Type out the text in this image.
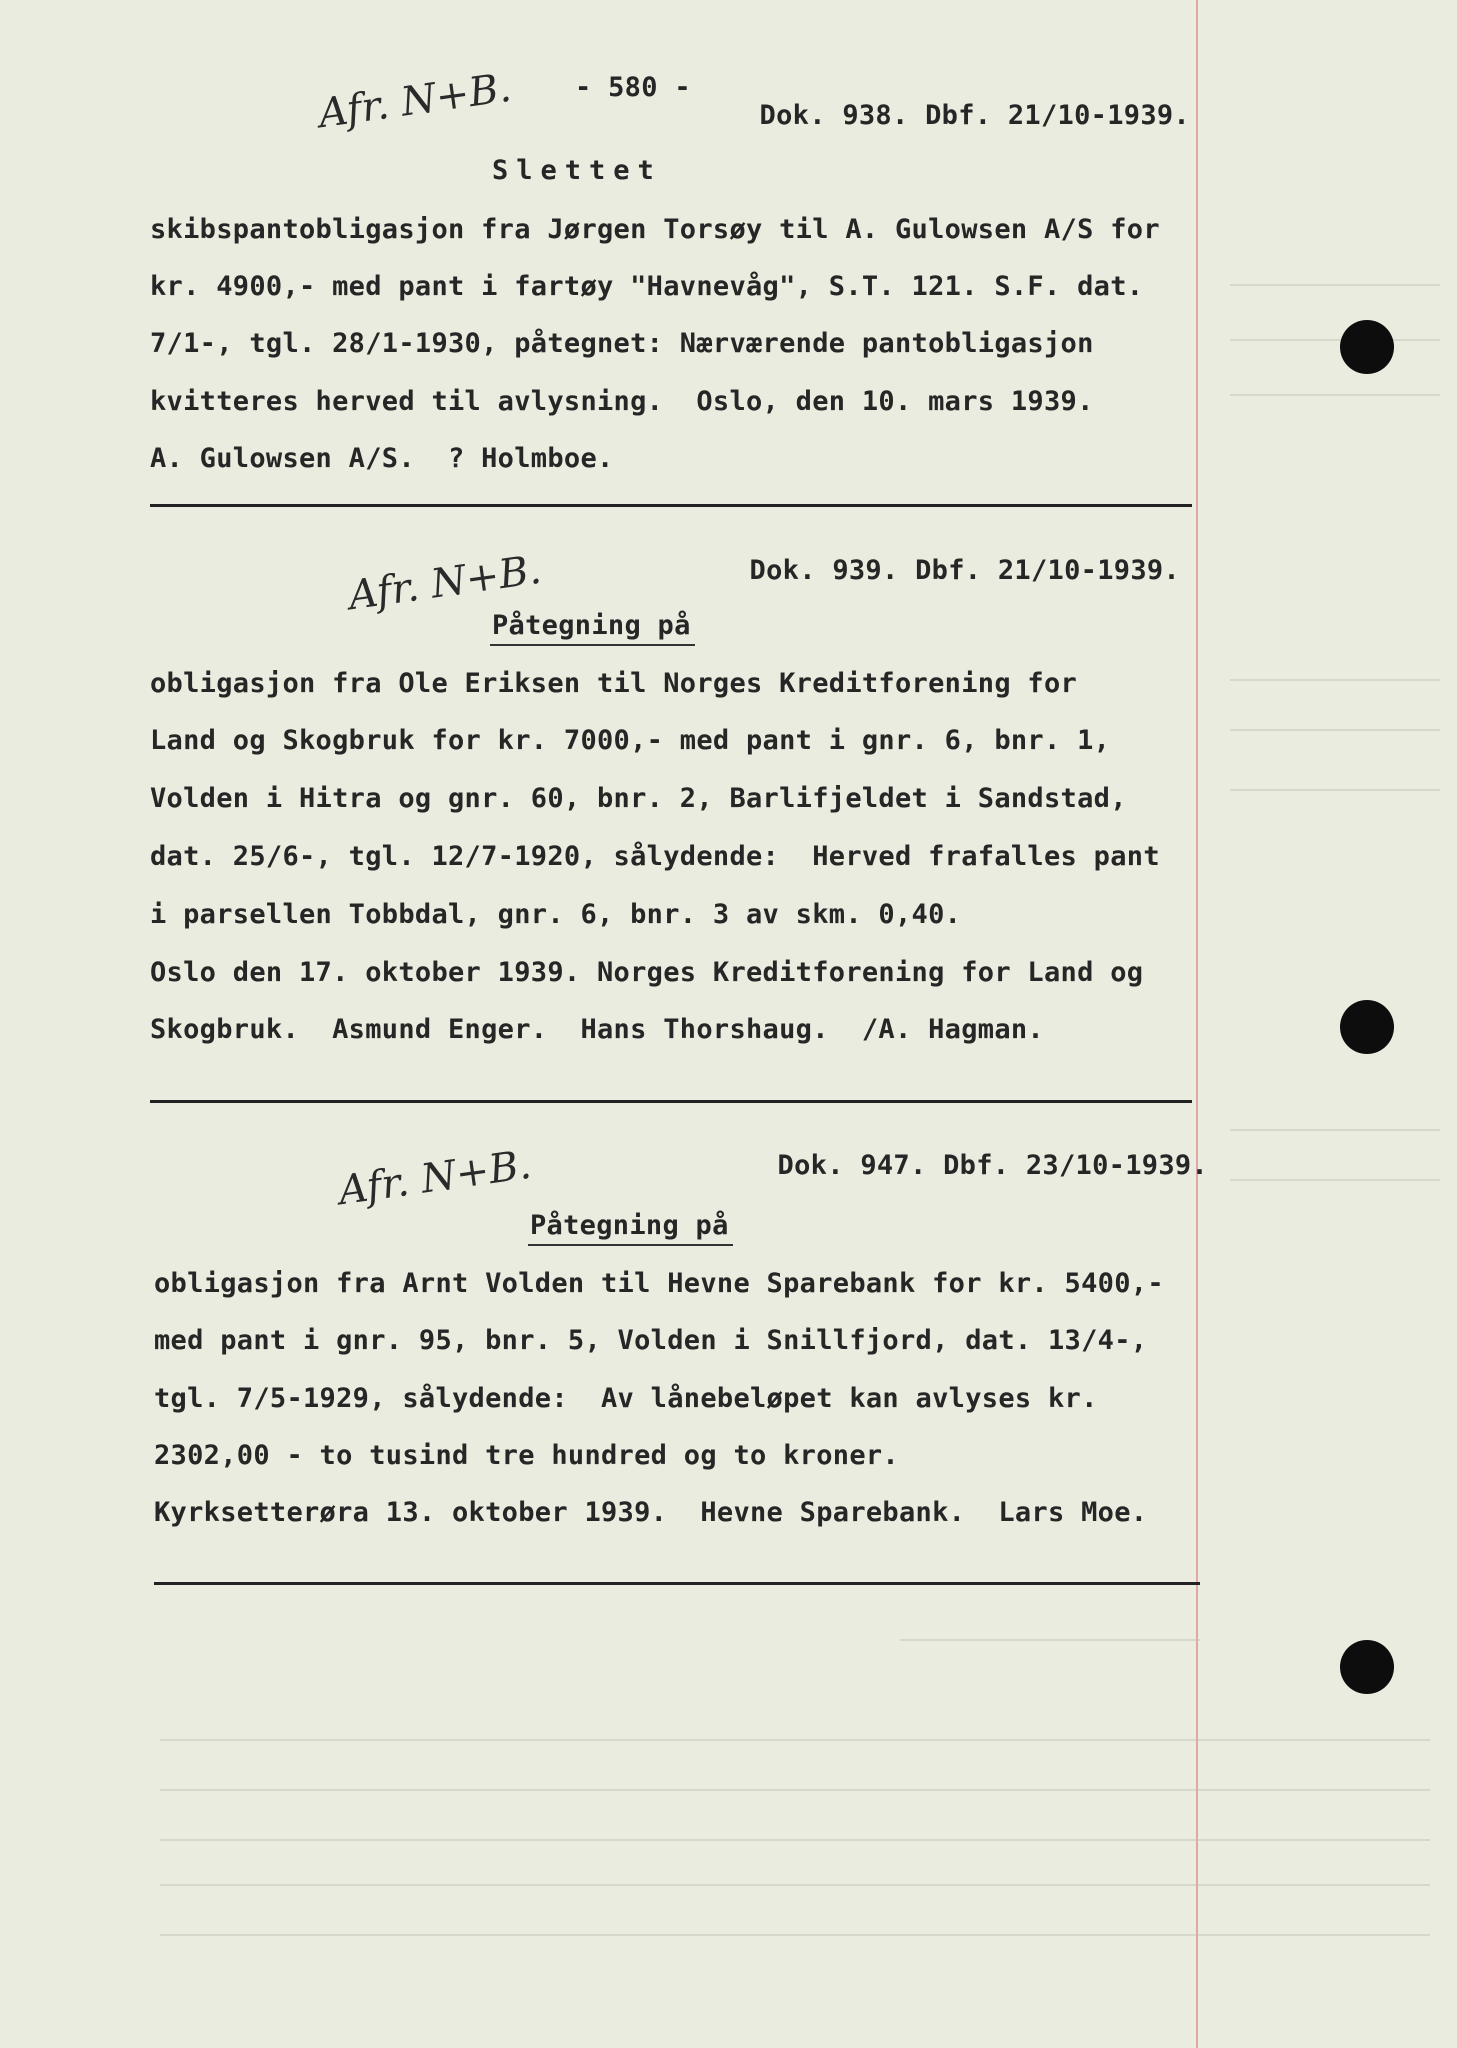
- 580 -
Afr. N+B.	Dok. 938. Dbf. 21/10-1939.
Slettet
skibspantobligasjon fra Jørgen Torsøy til A. Gulowsen A/S for
kr. 4900,- med pant i fartøy "Havnevåg", S.T. 121. S.F. dat.
7/1-, tgl. 28/1-1930, påtegnet: Nærværende pantobligasjon
kvitteres herved til avlysning.  Oslo, den 10. mars 1939.
A. Gulowsen A/S.  ? Holmboe.
Afr. N+B.	Dok. 939. Dbf. 21/10-1939.
Påtegning på
obligasjon fra Ole Eriksen til Norges Kreditforening for
Land og Skogbruk for kr. 7000,- med pant i gnr. 6, bnr. 1,
Volden i Hitra og gnr. 60, bnr. 2, Barlifjeldet i Sandstad,
dat. 25/6-, tgl. 12/7-1920, sålydende:  Herved frafalles pant
i parsellen Tobbdal, gnr. 6, bnr. 3 av skm. 0,40.
Oslo den 17. oktober 1939. Norges Kreditforening for Land og
Skogbruk.  Asmund Enger.  Hans Thorshaug.  /A. Hagman.
Afr. N+B.	Dok. 947. Dbf. 23/10-1939.
Påtegning på
obligasjon fra Arnt Volden til Hevne Sparebank for kr. 5400,-
med pant i gnr. 95, bnr. 5, Volden i Snillfjord, dat. 13/4-,
tgl. 7/5-1929, sålydende:  Av lånebeløpet kan avlyses kr.
2302,00 - to tusind tre hundred og to kroner.
Kyrksetterøra 13. oktober 1939.  Hevne Sparebank.  Lars Moe.
